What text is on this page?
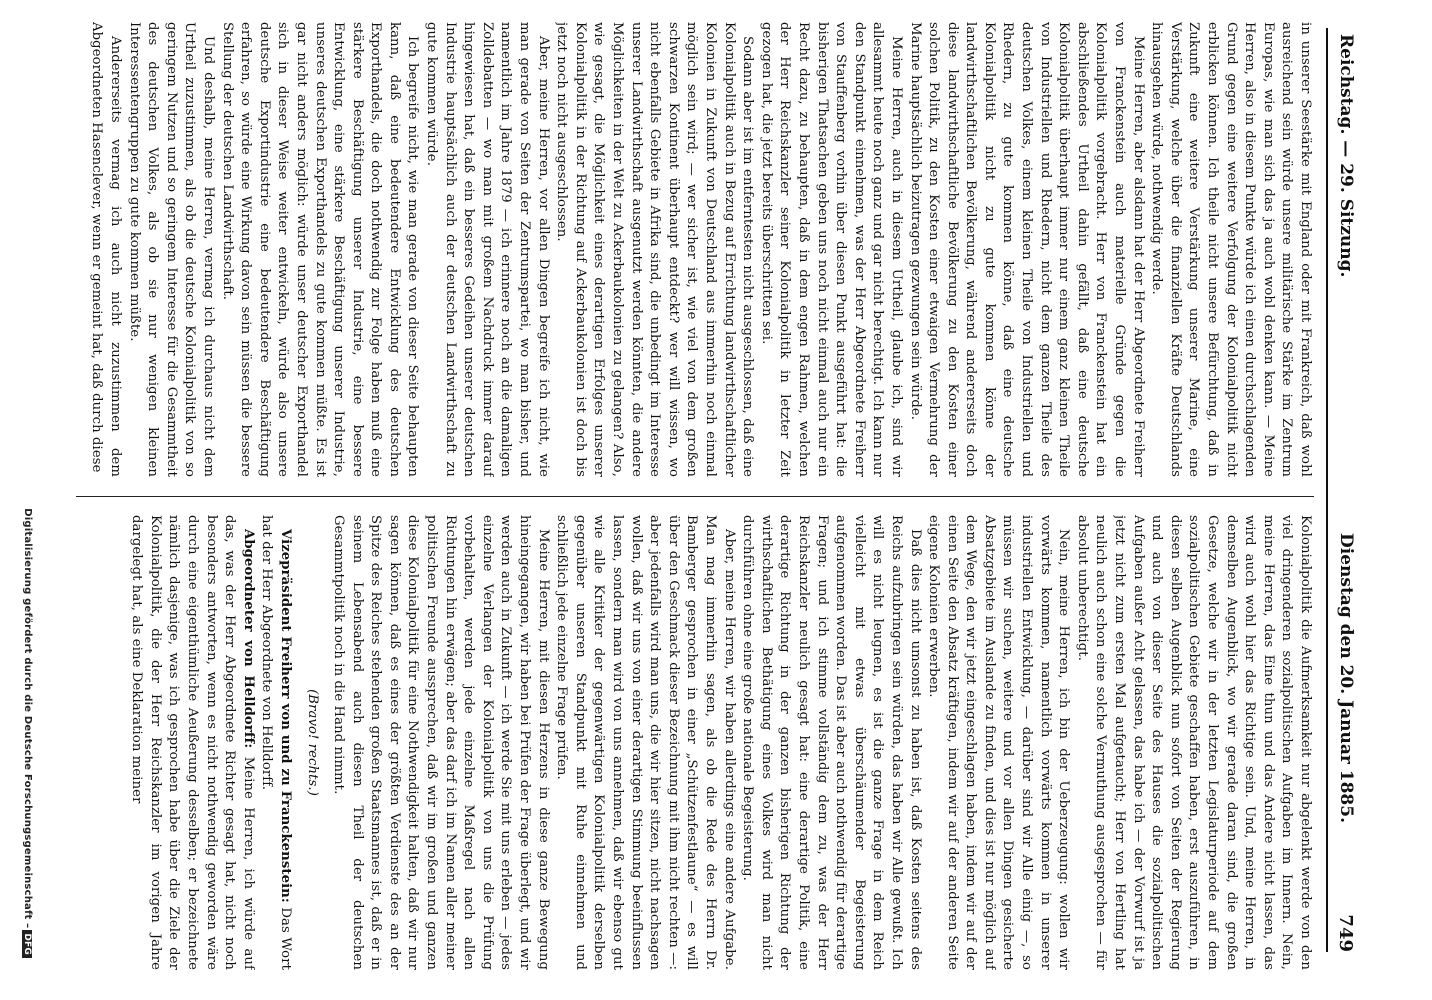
Reichstag. — 29. Sitzung.
Dienstag den 20. Januar 1885.
749

in unserer Seestärke mit England oder mit Frankreich, daß wohl ausreichend sein würde unsere militärische Stärke im Zentrum Europas, wie man sich das ja auch wohl denken kann. — Meine Herren, also in diesem Punkte würde ich einen durchschlagenden Grund gegen eine weitere Verfolgung der Kolonialpolitik nicht erblicken können. Ich theile nicht unsere Befürchtung, daß in Zukunft eine weitere Verstärkung unserer Marine, eine Verstärkung, welche über die finanziellen Kräfte Deutschlands hinausgehen würde, nothwendig werde.

Meine Herren, aber alsdann hat der Herr Abgeordnete Freiherr von Franckenstein auch materielle Gründe gegen die Kolonialpolitik vorgebracht. Herr von Franckenstein hat ein abschließendes Urtheil dahin gefällt, daß eine deutsche Kolonialpolitik überhaupt immer nur einem ganz kleinen Theile von Industriellen und Rhedern, nicht dem ganzen Theile des deutschen Volkes, einem kleinen Theile von Industriellen und Rhedern, zu gute kommen könne, daß eine deutsche Kolonialpolitik nicht zu gute kommen könne der landwirthschaftlichen Bevölkerung, während andererseits doch diese landwirthschaftliche Bevölkerung zu den Kosten einer solchen Politik, zu den Kosten einer etwaigen Vermehrung der Marine hauptsächlich beizutragen gezwungen sein würde.

Meine Herren, auch in diesem Urtheil, glaube ich, sind wir allesammt heute noch ganz und gar nicht berechtigt. Ich kann nur den Standpunkt einnehmen, was der Herr Abgeordnete Freiherr von Stauffenberg vorhin über diesen Punkt ausgeführt hat: die bisherigen Thatsachen geben uns noch nicht einmal auch nur ein Recht dazu, zu behaupten, daß in dem engen Rahmen, welchen der Herr Reichskanzler seiner Kolonialpolitik in letzter Zeit gezogen hat, die jetzt bereits überschritten sei.

Sodann aber ist im entferntesten nicht ausgeschlossen, daß eine Kolonialpolitik auch in Bezug auf Errichtung landwirthschaftlicher Kolonien in Zukunft von Deutschland aus immerhin noch einmal möglich sein wird; — wer sicher ist, wie viel von dem großen schwarzen Kontinent überhaupt entdeckt? wer will wissen, wo nicht ebenfalls Gebiete in Afrika sind, die unbedingt im Interesse unserer Landwirthschaft ausgenutzt werden könnten, die andere Möglichkeiten in der Welt zu Ackerbaukolonien zu gelangen? Also, wie gesagt, die Möglichkeit eines derartigen Erfolges unserer Kolonialpolitik in der Richtung auf Ackerbaukolonien ist doch bis jetzt noch nicht ausgeschlossen.

Aber, meine Herren, vor allen Dingen begreife ich nicht, wie man gerade von Seiten der Zentrumspartei, wo man bisher, und namentlich im Jahre 1879 — ich erinnere noch an die damaligen Zolldebatten — wo man mit großem Nachdruck immer darauf hingewiesen hat, daß ein besseres Gedeihen unserer deutschen Industrie hauptsächlich auch der deutschen Landwirthschaft zu gute kommen würde.

Ich begreife nicht, wie man gerade von dieser Seite behaupten kann, daß eine bedeutendere Entwicklung des deutschen Exporthandels, die doch nothwendig zur Folge haben muß eine stärkere Beschäftigung unserer Industrie, eine bessere Entwicklung, eine stärkere Beschäftigung unserer Industrie, unseres deutschen Exporthandels zu gute kommen müßte. Es ist gar nicht anders möglich: würde unser deutscher Exporthandel sich in dieser Weise weiter entwickeln, würde also unsere deutsche Exportindustrie eine bedeutendere Beschäftigung erfahren, so würde eine Wirkung davon sein müssen die bessere Stellung der deutschen Landwirthschaft.

Und deshalb, meine Herren, vermag ich durchaus nicht dem Urtheil zuzustimmen, als ob die deutsche Kolonialpolitik von so geringem Nutzen und so geringem Interesse für die Gesammtheit des deutschen Volkes, als ob sie nur wenigen kleinen Interessentengruppen zu gute kommen müßte.

Andererseits vermag ich auch nicht zuzustimmen dem Abgeordneten Hasenclever, wenn er gemeint hat, daß durch diese

Kolonialpolitik die Aufmerksamkeit nur abgelenkt werde von den viel dringenderen sozialpolitischen Aufgaben im Innern. Nein, meine Herren, das Eine thun und das Andere nicht lassen, das wird auch wohl hier das Richtige sein. Und, meine Herren, in demselben Augenblick, wo wir gerade daran sind, die großen Gesetze, welche wir in der letzten Legislaturperiode auf dem sozialpolitischen Gebiete geschaffen haben, erst auszuführen, in diesen selben Augenblick nun sofort von Seiten der Regierung und auch von dieser Seite des Hauses die sozialpolitischen Aufgaben außer Acht gelassen, das habe ich — der Vorwurf ist ja jetzt nicht zum ersten Mal aufgetaucht; Herr von Hertling hat neulich auch schon eine solche Vermuthung ausgesprochen — für absolut unberechtigt.

Nein, meine Herren, ich bin der Ueberzeugung: wollen wir vorwärts kommen, namentlich vorwärts kommen in unserer industriellen Entwicklung, — darüber sind wir Alle einig —, so müssen wir suchen, weitere und vor allen Dingen gesicherte Absatzgebiete im Auslande zu finden, und dies ist nur möglich auf dem Wege, den wir jetzt eingeschlagen haben, indem wir auf der einen Seite den Absatz kräftigen, indem wir auf der anderen Seite eigene Kolonien erwerben.

Daß dies nicht umsonst zu haben ist, daß Kosten seitens des Reichs aufzubringen sein würden, das haben wir Alle gewußt. Ich will es nicht leugnen, es ist die ganze Frage in dem Reich vielleicht mit etwas überschäumender Begeisterung aufgenommen worden. Das ist aber auch nothwendig für derartige Fragen; und ich stimme vollständig dem zu, was der Herr Reichskanzler neulich gesagt hat: eine derartige Politik, eine derartige Richtung in der ganzen bisherigen Richtung der wirthschaftlichen Bethätigung eines Volkes wird man nicht durchführen ohne eine große nationale Begeisterung.

Aber, meine Herren, wir haben allerdings eine andere Aufgabe. Man mag immerhin sagen, als ob die Rede des Herrn Dr. Bamberger gesprochen in einer „Schützenfestlaune“ — es will über den Geschmack dieser Bezeichnung mit ihm nicht rechten —: aber jedenfalls wird man uns, die wir hier sitzen, nicht nachsagen wollen, daß wir uns von einer derartigen Stimmung beeinflussen lassen, sondern man wird von uns annehmen, daß wir ebenso gut wie alle Kritiker der gegenwärtigen Kolonialpolitik derselben gegenüber unseren Standpunkt mit Ruhe einnehmen und schließlich jede einzelne Frage prüfen.

Meine Herren, mit diesen Herzens in diese ganze Bewegung hineingegangen, wir haben bei Prüfen der Frage überlegt, und wir werden auch in Zukunft — ich werde Sie mit uns erleben — jedes einzelne Verlangen der Kolonialpolitik von uns die Prüfung vorbehalten, werden jede einzelne Maßregel nach allen Richtungen hin erwägen; aber das darf ich im Namen aller meiner politischen Freunde aussprechen, daß wir im großen und ganzen diese Kolonialpolitik für eine Nothwendigkeit halten, daß wir nur sagen können, daß es eines der größten Verdienste des an der Spitze des Reiches stehenden großen Staatsmannes ist, daß er in seinem Lebensabend auch diesen Theil der deutschen Gesammtpolitik noch in die Hand nimmt.

(Bravo! rechts.)

Vizepräsident Freiherr von und zu Franckenstein: Das Wort hat der Herr Abgeordnete von Helldorff.

Abgeordneter von Helldorff: Meine Herren, ich würde auf das, was der Herr Abgeordnete Richter gesagt hat, nicht noch besonders antworten, wenn es nicht nothwendig geworden wäre durch eine eigenthümliche Aeußerung desselben; er bezeichnete nämlich dasjenige, was ich gesprochen habe über die Ziele der Kolonialpolitik, die der Herr Reichskanzler im vorigen Jahre dargelegt hat, als eine Deklaration meiner

Digitalisierung gefördert durch die Deutsche Forschungsgemeinschaft –DFG
